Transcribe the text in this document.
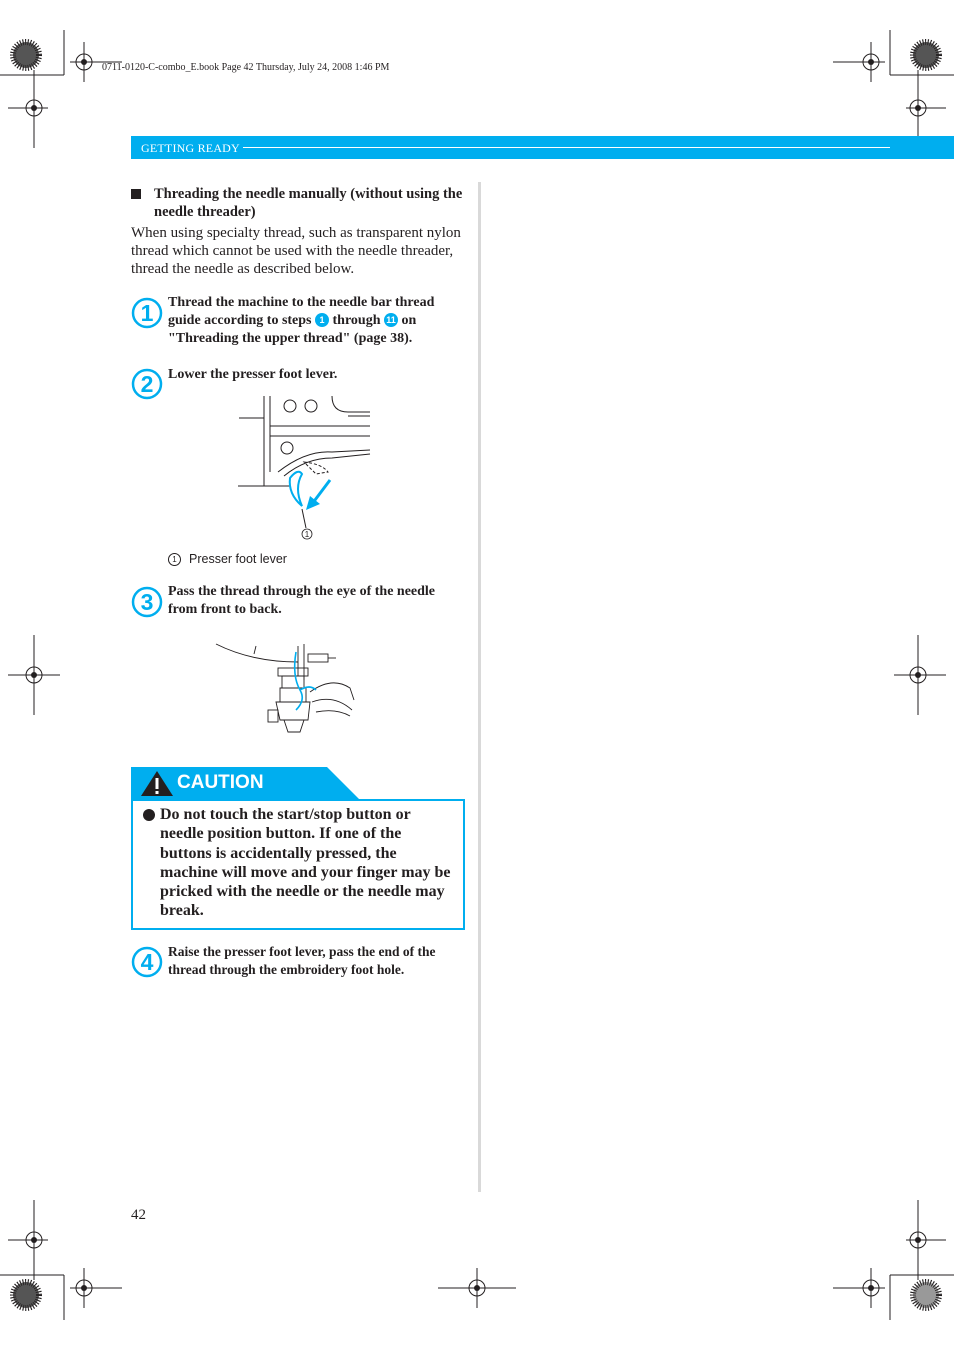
0711-0120-C-combo_E.book Page 42 Thursday, July 24, 2008 1:46 PM
GETTING READY
Threading the needle manually (without using the needle threader)
When using specialty thread, such as transparent nylon thread which cannot be used with the needle threader, thread the needle as described below.
1 Thread the machine to the needle bar thread guide according to steps 1 through 11 on "Threading the upper thread" (page 38).
2 Lower the presser foot lever.
1
1 Presser foot lever
3 Pass the thread through the eye of the needle from front to back.
CAUTION
Do not touch the start/stop button or needle position button. If one of the buttons is accidentally pressed, the machine will move and your finger may be pricked with the needle or the needle may break.
4 Raise the presser foot lever, pass the end of the thread through the embroidery foot hole.
42
